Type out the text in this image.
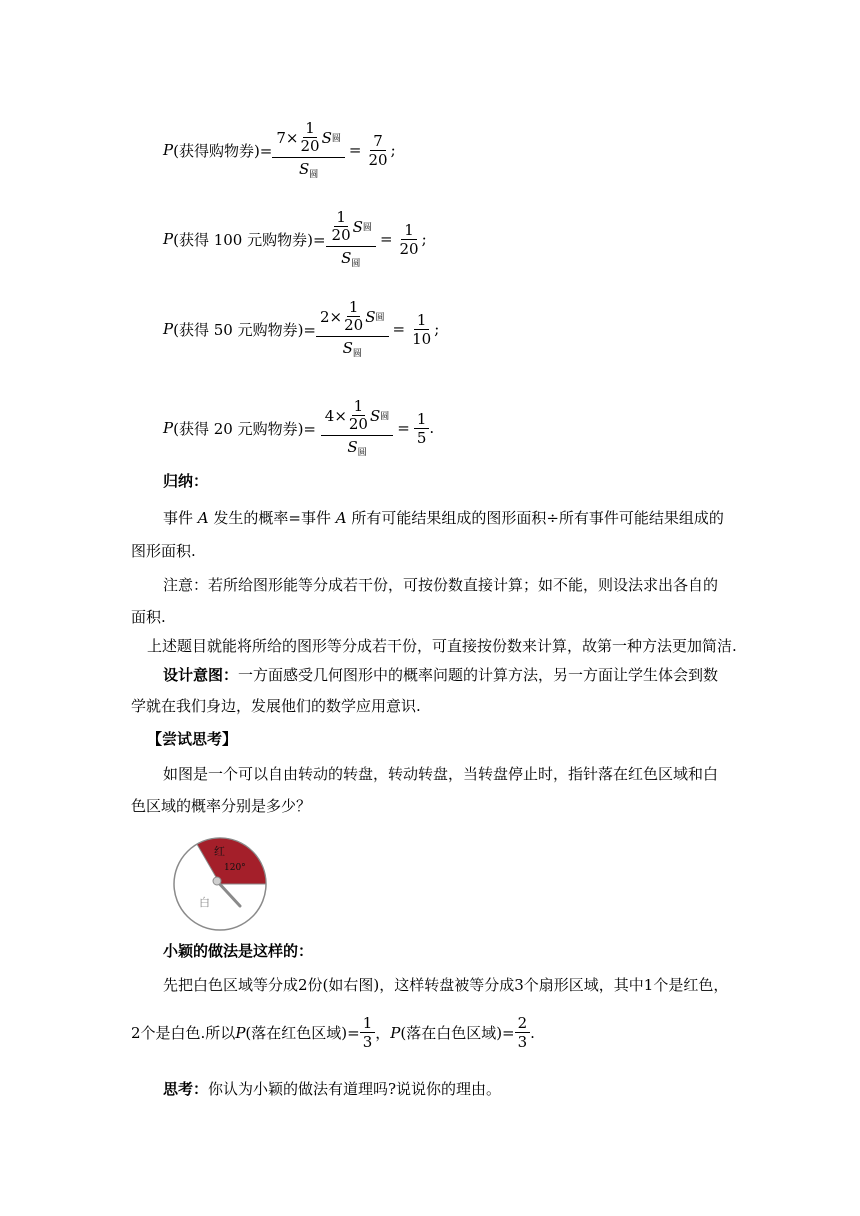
P (获得购物券)= $\frac{7 \times \frac{1}{20} S 圆}{S_圆} = \frac{7}{20}$ ;
P (获得 100 元购物券)= $\frac{\frac{1}{20} S 圆}{S_圆} = \frac{1}{20}$ ;
P (获得 50 元购物券)= $\frac{2 \times \frac{1}{20} S 圆}{S_圆} = \frac{1}{10}$ ;
P (获得 20 元购物券)= $\frac{4 \times \frac{1}{20} S 圆}{S_圆} = \frac{1}{5}$ .
归纳：
事件 A 发生的概率=事件 A 所有可能结果组成的图形面积÷所有事件可能结果组成的
图形面积.
注意：若所给图形能等分成若干份，可按份数直接计算；如不能，则设法求出各自的
面积.
上述题目就能将所给的图形等分成若干份，可直接按份数来计算，故第一种方法更加简洁.
设计意图：一方面感受几何图形中的概率问题的计算方法，另一方面让学生体会到数
学就在我们身边，发展他们的数学应用意识.
【尝试思考】
如图是一个可以自由转动的转盘，转动转盘，当转盘停止时，指针落在红色区域和白
色区域的概率分别是多少？
红
120°
白
小颖的做法是这样的：
先把白色区域等分成2份(如右图)，这样转盘被等分成3个扇形区域，其中1个是红色，
2个是白色.所以 P (落在红色区域)= $\frac{1}{3}$ ， P (落在白色区域)= $\frac{2}{3}$ .
思考：你认为小颖的做法有道理吗?说说你的理由。
